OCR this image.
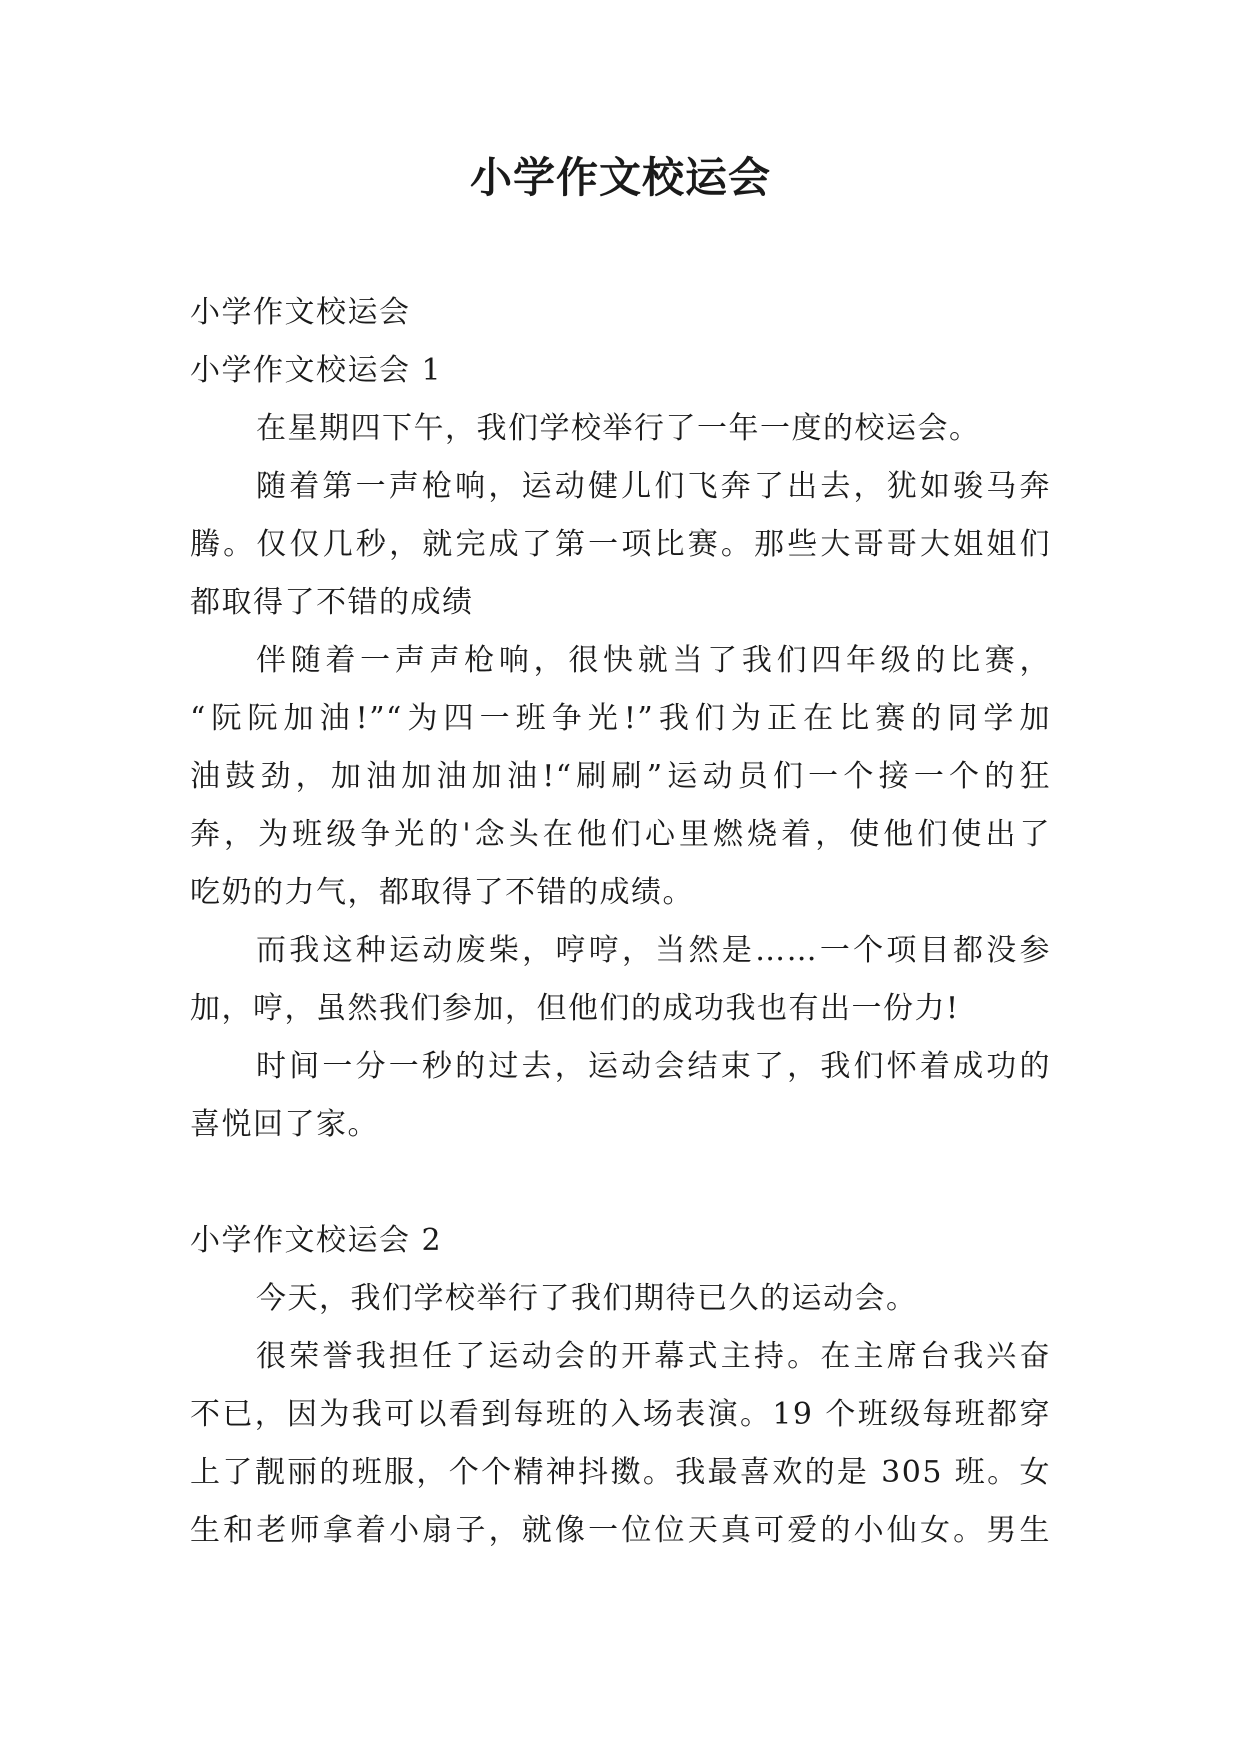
小学作文校运会

小学作文校运会

小学作文校运会 1

在星期四下午，我们学校举行了一年一度的校运会。

随着第一声枪响，运动健儿们飞奔了出去，犹如骏马奔

腾。仅仅几秒，就完成了第一项比赛。那些大哥哥大姐姐们

都取得了不错的成绩

伴随着一声声枪响，很快就当了我们四年级的比赛，

“阮阮加油!”“为四一班争光!”我们为正在比赛的同学加

油鼓劲，加油加油加油!“刷刷”运动员们一个接一个的狂

奔，为班级争光的'念头在他们心里燃烧着，使他们使出了

吃奶的力气，都取得了不错的成绩。

而我这种运动废柴，哼哼，当然是……一个项目都没参

加，哼，虽然我们参加，但他们的成功我也有出一份力!

时间一分一秒的过去，运动会结束了，我们怀着成功的

喜悦回了家。

小学作文校运会 2

今天，我们学校举行了我们期待已久的运动会。

很荣誉我担任了运动会的开幕式主持。在主席台我兴奋

不已，因为我可以看到每班的入场表演。19 个班级每班都穿

上了靓丽的班服，个个精神抖擞。我最喜欢的是 305 班。女

生和老师拿着小扇子，就像一位位天真可爱的小仙女。男生
